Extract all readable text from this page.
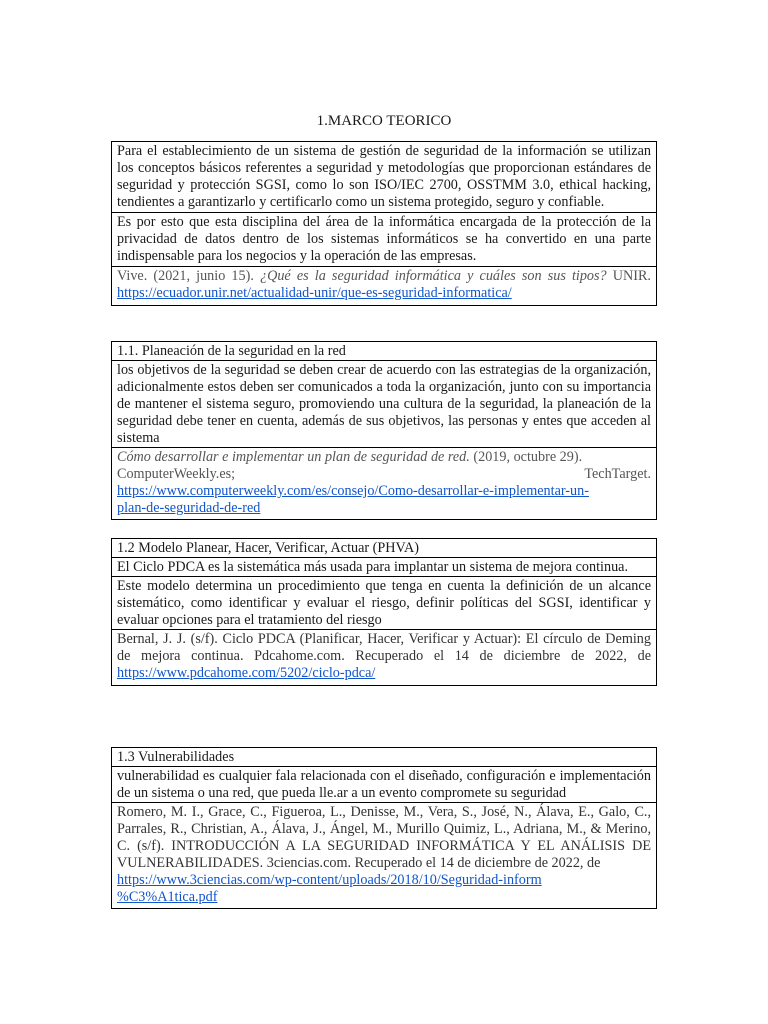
1.MARCO TEORICO
Para el establecimiento de un sistema de gestión de seguridad de la información se utilizan los conceptos básicos referentes a seguridad y metodologías que proporcionan estándares de seguridad y protección SGSI, como lo son ISO/IEC 2700, OSSTMM 3.0, ethical hacking, tendientes a garantizarlo y certificarlo como un sistema protegido, seguro y confiable.
Es por esto que esta disciplina del área de la informática encargada de la protección de la privacidad de datos dentro de los sistemas informáticos se ha convertido en una parte indispensable para los negocios y la operación de las empresas.
Vive. (2021, junio 15). ¿Qué es la seguridad informática y cuáles son sus tipos? UNIR. https://ecuador.unir.net/actualidad-unir/que-es-seguridad-informatica/
1.1. Planeación de la seguridad en la red
los objetivos de la seguridad se deben crear de acuerdo con las estrategias de la organización, adicionalmente estos deben ser comunicados a toda la organización, junto con su importancia de mantener el sistema seguro, promoviendo una cultura de la seguridad, la planeación de la seguridad debe tener en cuenta, además de sus objetivos, las personas y entes que acceden al sistema
Cómo desarrollar e implementar un plan de seguridad de red. (2019, octubre 29).
ComputerWeekly.es;	TechTarget.
https://www.computerweekly.com/es/consejo/Como-desarrollar-e-implementar-un-
plan-de-seguridad-de-red
1.2 Modelo Planear, Hacer, Verificar, Actuar (PHVA)
El Ciclo PDCA es la sistemática más usada para implantar un sistema de mejora continua.
Este modelo determina un procedimiento que tenga en cuenta la definición de un alcance sistemático, como identificar y evaluar el riesgo, definir políticas del SGSI, identificar y evaluar opciones para el tratamiento del riesgo
Bernal, J. J. (s/f). Ciclo PDCA (Planificar, Hacer, Verificar y Actuar): El círculo de Deming de mejora continua. Pdcahome.com. Recuperado el 14 de diciembre de 2022, de https://www.pdcahome.com/5202/ciclo-pdca/
1.3 Vulnerabilidades
vulnerabilidad es cualquier fala relacionada con el diseñado, configuración e implementación de un sistema o una red, que pueda lle.ar a un evento compromete su seguridad
Romero, M. I., Grace, C., Figueroa, L., Denisse, M., Vera, S., José, N., Álava, E., Galo, C., Parrales, R., Christian, A., Álava, J., Ángel, M., Murillo Quimiz, L., Adriana, M., & Merino, C. (s/f). INTRODUCCIÓN A LA SEGURIDAD INFORMÁTICA Y EL ANÁLISIS DE VULNERABILIDADES. 3ciencias.com. Recuperado el 14 de diciembre de 2022, de
https://www.3ciencias.com/wp-content/uploads/2018/10/Seguridad-inform
%C3%A1tica.pdf
